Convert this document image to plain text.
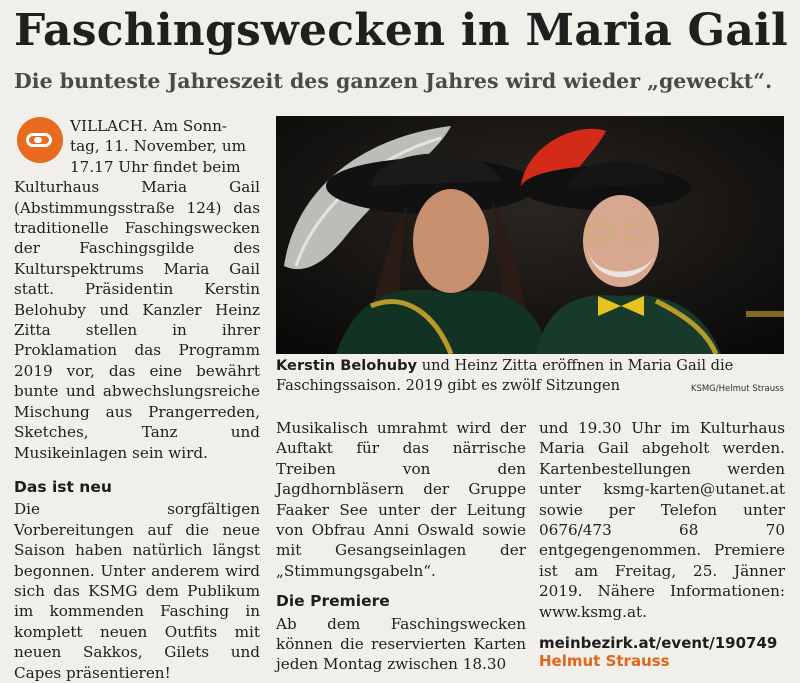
Faschingswecken in Maria Gail
Die bunteste Jahreszeit des ganzen Jahres wird wieder „geweckt“.

VILLACH. Am Sonn-

tag, 11. November, um

17.17 Uhr findet beim

Kulturhaus Maria Gail (Abstimmungsstraße 124) das traditionelle Faschingswecken der Faschingsgilde des Kulturspektrums Maria Gail statt. Präsidentin Kerstin Belohuby und Kanzler Heinz Zitta stellen in ihrer Proklamation das Programm 2019 vor, das eine bewährt bunte und abwechslungsreiche Mischung aus Prangerreden, Sketches, Tanz und Musikeinlagen sein wird.

Das ist neu

Die sorgfältigen Vorbereitungen auf die neue Saison haben natürlich längst begonnen. Unter anderem wird sich das KSMG dem Publikum im kommenden Fasching in komplett neuen Outfits mit neuen Sakkos, Gilets und Capes präsentieren!

Kerstin Belohuby und Heinz Zitta eröffnen in Maria Gail die Faschingssaison. 2019 gibt es zwölf Sitzungen	KSMG/Helmut Strauss

Musikalisch umrahmt wird der Auftakt für das närrische Treiben von den Jagdhornbläsern der Gruppe Faaker See unter der Leitung von Obfrau Anni Oswald sowie mit Gesangseinlagen der „Stimmungsgabeln“.

Die Premiere

Ab dem Faschingswecken können die reservierten Karten jeden Montag zwischen 18.30

und 19.30 Uhr im Kulturhaus Maria Gail abgeholt werden. Kartenbestellungen werden unter ksmg-karten@utanet.at sowie per Telefon unter 0676/473 68 70 entgegengenommen. Premiere ist am Freitag, 25. Jänner 2019. Nähere Informationen: www.ksmg.at.

meinbezirk.at/event/190749
Helmut Strauss
